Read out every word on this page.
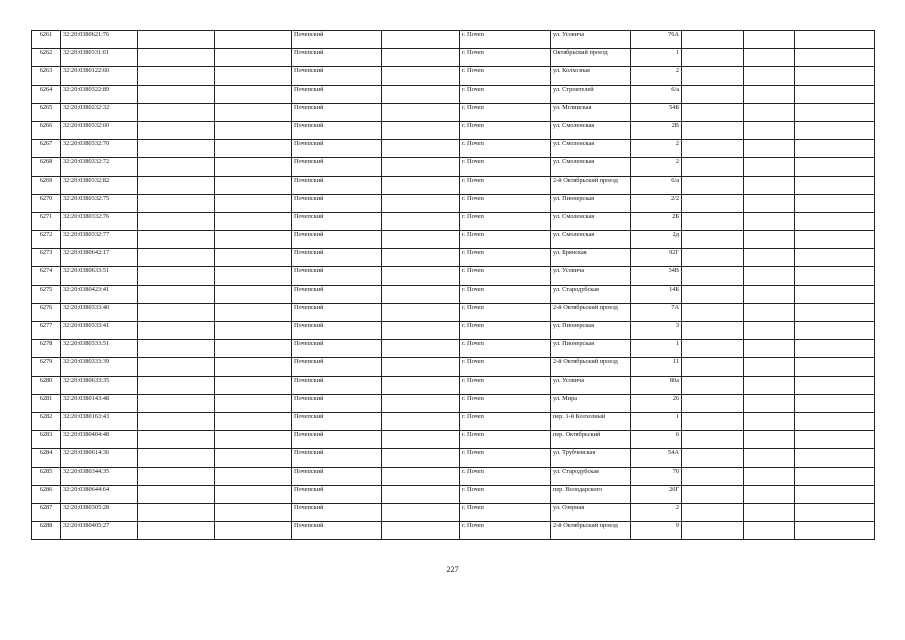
6261	32:20:0380621:76			Почепский		г. Почеп	ул. Усовича	76А			
6262	32:20:0380331:61			Почепский		г. Почеп	Октябрьский проезд	1			
6263	32:20:0380122:60			Почепский		г. Почеп	ул. Колхозная	2			
6264	32:20:0380322:89			Почепский		г. Почеп	ул. Строителей	6/а			
6265	32:20:0380232:32			Почепский		г. Почеп	ул. Мглинская	54Б			
6266	32:20:0380332:60			Почепский		г. Почеп	ул. Смоленская	2В			
6267	32:20:0380332:70			Почепский		г. Почеп	ул. Смоленская	2			
6268	32:20:0380332:72			Почепский		г. Почеп	ул. Смоленская	2			
6269	32:20:0380332:82			Почепский		г. Почеп	2-й Октябрьский проезд	6/а			
6270	32:20:0380332:75			Почепский		г. Почеп	ул. Пионерская	2/2			
6271	32:20:0380332:76			Почепский		г. Почеп	ул. Смоленская	2Б			
6272	32:20:0380332:77			Почепский		г. Почеп	ул. Смоленская	2д			
6273	32:20:0380642:17			Почепский		г. Почеп	ул. Брянская	92Г			
6274	32:20:0380633:51			Почепский		г. Почеп	ул. Усовича	34В			
6275	32:20:0380423:41			Почепский		г. Почеп	ул. Стародубская	14Б			
6276	32:20:0380333:40			Почепский		г. Почеп	2-й Октябрьский проезд	7А			
6277	32:20:0380333:41			Почепский		г. Почеп	ул. Пионерская	3			
6278	32:20:0380333:51			Почепский		г. Почеп	ул. Пионерская	1			
6279	32:20:0380333:39			Почепский		г. Почеп	2-й Октябрьский проезд	11			
6280	32:20:0380633:35			Почепский		г. Почеп	ул. Усовича	80а			
6281	32:20:0380143:48			Почепский		г. Почеп	ул. Мира	26			
6282	32:20:0380163:43			Почепский		г. Почеп	пер. 1-й Колхозный	1			
6283	32:20:0380404:48			Почепский		г. Почеп	пер. Октябрьский	6			
6284	32:20:0380614:36			Почепский		г. Почеп	ул. Трубчевская	54А			
6285	32:20:0380344:35			Почепский		г. Почеп	ул. Стародубская	70			
6286	32:20:0380644:64			Почепский		г. Почеп	пер. Володарского	20Г			
6287	32:20:0380305:28			Почепский		г. Почеп	ул. Озерная	2			
6288	32:20:0380405:27			Почепский		г. Почеп	2-й Октябрьский проезд	9			
227
